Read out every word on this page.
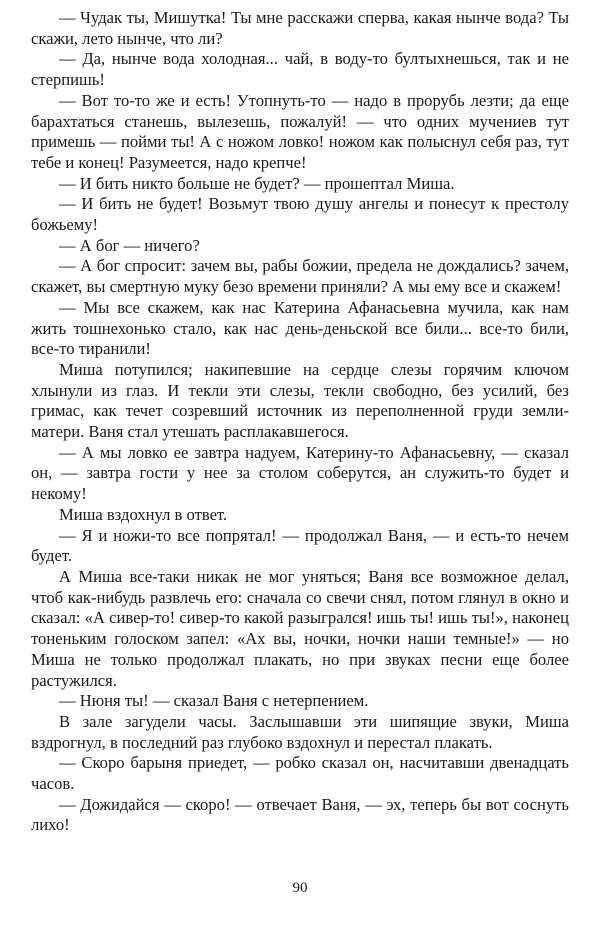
— Чудак ты, Мишутка! Ты мне расскажи сперва, какая нынче вода? Ты скажи, лето нынче, что ли?

— Да, нынче вода холодная... чай, в воду-то бултыхнешься, так и не стерпишь!

— Вот то-то же и есть! Утопнуть-то — надо в прорубь лезти; да еще барахтаться станешь, вылезешь, пожалуй! — что одних мучениев тут примешь — пойми ты! А с ножом ловко! ножом как полыснул себя раз, тут тебе и конец! Разумеется, надо крепче!

— И бить никто больше не будет? — прошептал Миша.

— И бить не будет! Возьмут твою душу ангелы и понесут к престолу божьему!

— А бог — ничего?

— А бог спросит: зачем вы, рабы божии, предела не дождались? зачем, скажет, вы смертную муку безо времени приняли? А мы ему все и скажем!

— Мы все скажем, как нас Катерина Афанасьевна мучила, как нам жить тошнехонько стало, как нас день-деньской все били... все-то били, все-то тиранили!

Миша потупился; накипевшие на сердце слезы горячим ключом хлынули из глаз. И текли эти слезы, текли свободно, без усилий, без гримас, как течет созревший источник из переполненной груди земли-матери. Ваня стал утешать расплакавшегося.

— А мы ловко ее завтра надуем, Катерину-то Афанасьевну, — сказал он, — завтра гости у нее за столом соберутся, ан служить-то будет и некому!

Миша вздохнул в ответ.

— Я и ножи-то все попрятал! — продолжал Ваня, — и есть-то нечем будет.

А Миша все-таки никак не мог уняться; Ваня все возможное делал, чтоб как-нибудь развлечь его: сначала со свечи снял, потом глянул в окно и сказал: «А сивер-то! сивер-то какой разыгрался! ишь ты! ишь ты!», наконец тоненьким голоском запел: «Ах вы, ночки, ночки наши темные!» — но Миша не только продолжал плакать, но при звуках песни еще более растужился.

— Нюня ты! — сказал Ваня с нетерпением.

В зале загудели часы. Заслышавши эти шипящие звуки, Миша вздрогнул, в последний раз глубоко вздохнул и перестал плакать.

— Скоро барыня приедет, — робко сказал он, насчитавши двенадцать часов.

— Дожидайся — скоро! — отвечает Ваня, — эх, теперь бы вот соснуть лихо!

90
